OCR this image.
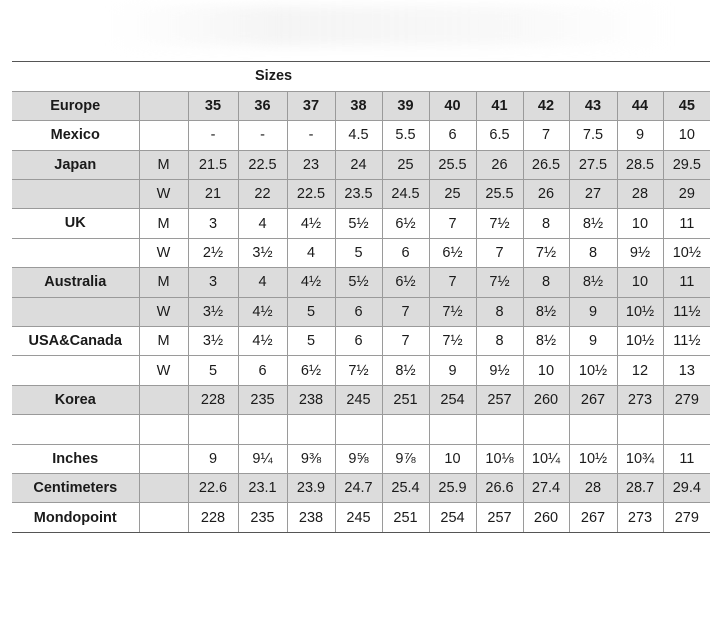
Sizes												
Europe		35	36	37	38	39	40	41	42	43	44	45
Mexico		-	-	-	4.5	5.5	6	6.5	7	7.5	9	10
Japan	M	21.5	22.5	23	24	25	25.5	26	26.5	27.5	28.5	29.5
	W	21	22	22.5	23.5	24.5	25	25.5	26	27	28	29
UK	M	3	4	4½	5½	6½	7	7½	8	8½	10	11
	W	2½	3½	4	5	6	6½	7	7½	8	9½	10½
Australia	M	3	4	4½	5½	6½	7	7½	8	8½	10	11
	W	3½	4½	5	6	7	7½	8	8½	9	10½	11½
USA&Canada	M	3½	4½	5	6	7	7½	8	8½	9	10½	11½
	W	5	6	6½	7½	8½	9	9½	10	10½	12	13
Korea		228	235	238	245	251	254	257	260	267	273	279

Inches		9	9¼	9⅜	9⅝	9⅞	10	10⅛	10¼	10½	10¾	11
Centimeters		22.6	23.1	23.9	24.7	25.4	25.9	26.6	27.4	28	28.7	29.4
Mondopoint		228	235	238	245	251	254	257	260	267	273	279
